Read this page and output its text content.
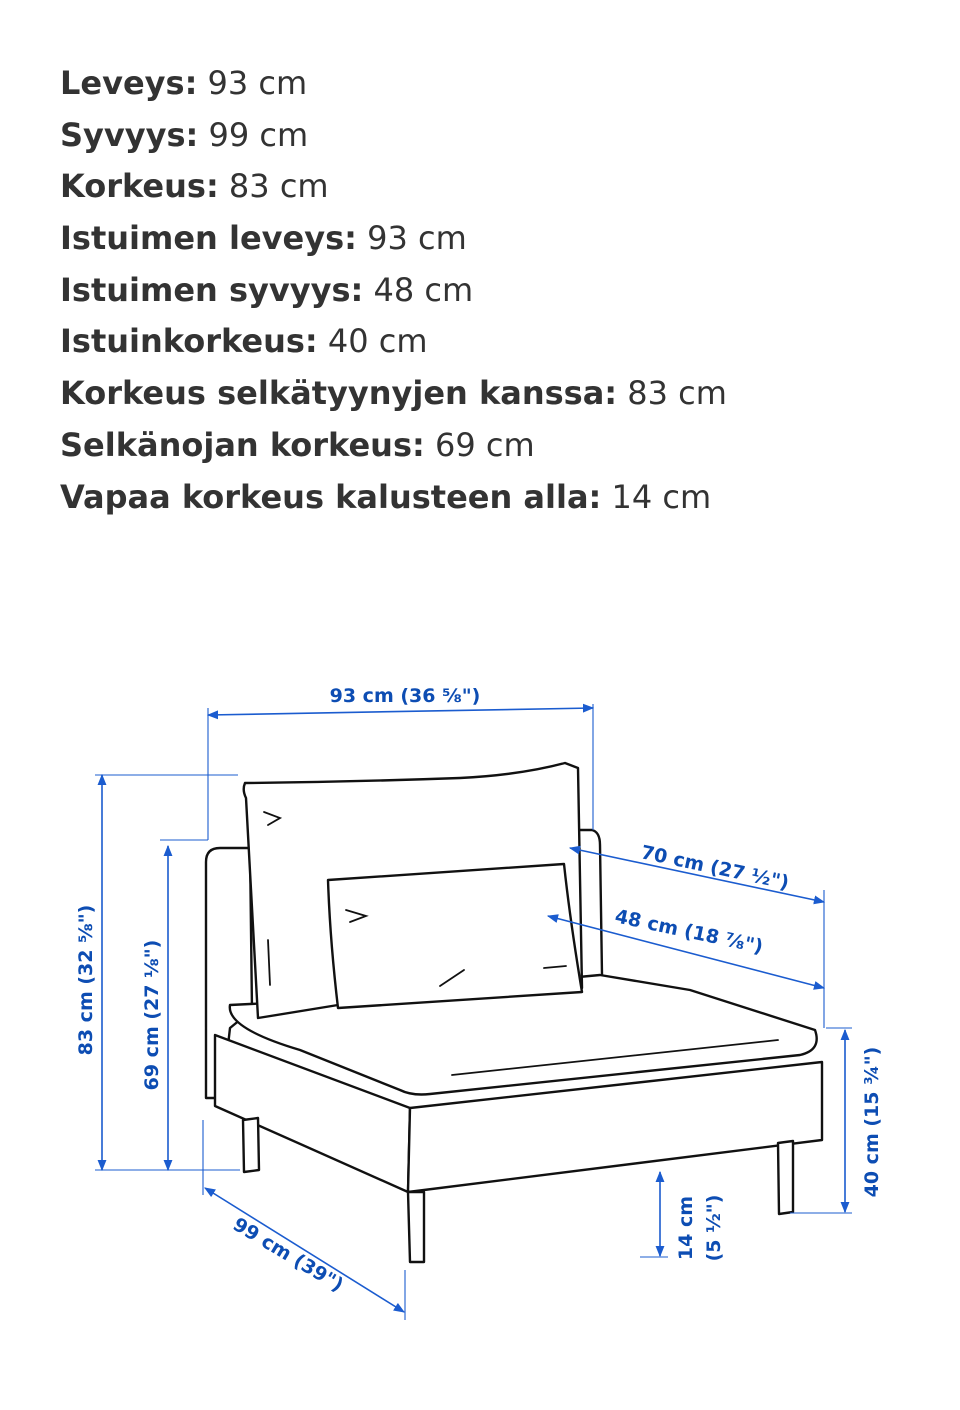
Leveys: 93 cm
Syvyys: 99 cm
Korkeus: 83 cm
Istuimen leveys: 93 cm
Istuimen syvyys: 48 cm
Istuinkorkeus: 40 cm
Korkeus selkätyynyjen kanssa: 83 cm
Selkänojan korkeus: 69 cm
Vapaa korkeus kalusteen alla: 14 cm
93 cm (36 ⅝")
70 cm (27 ½")
48 cm (18 ⅞")
83 cm (32 ⅝") 69 cm (27 ⅛")
40 cm (15 ¾")
14 cm (5 ½")
99 cm (39")
